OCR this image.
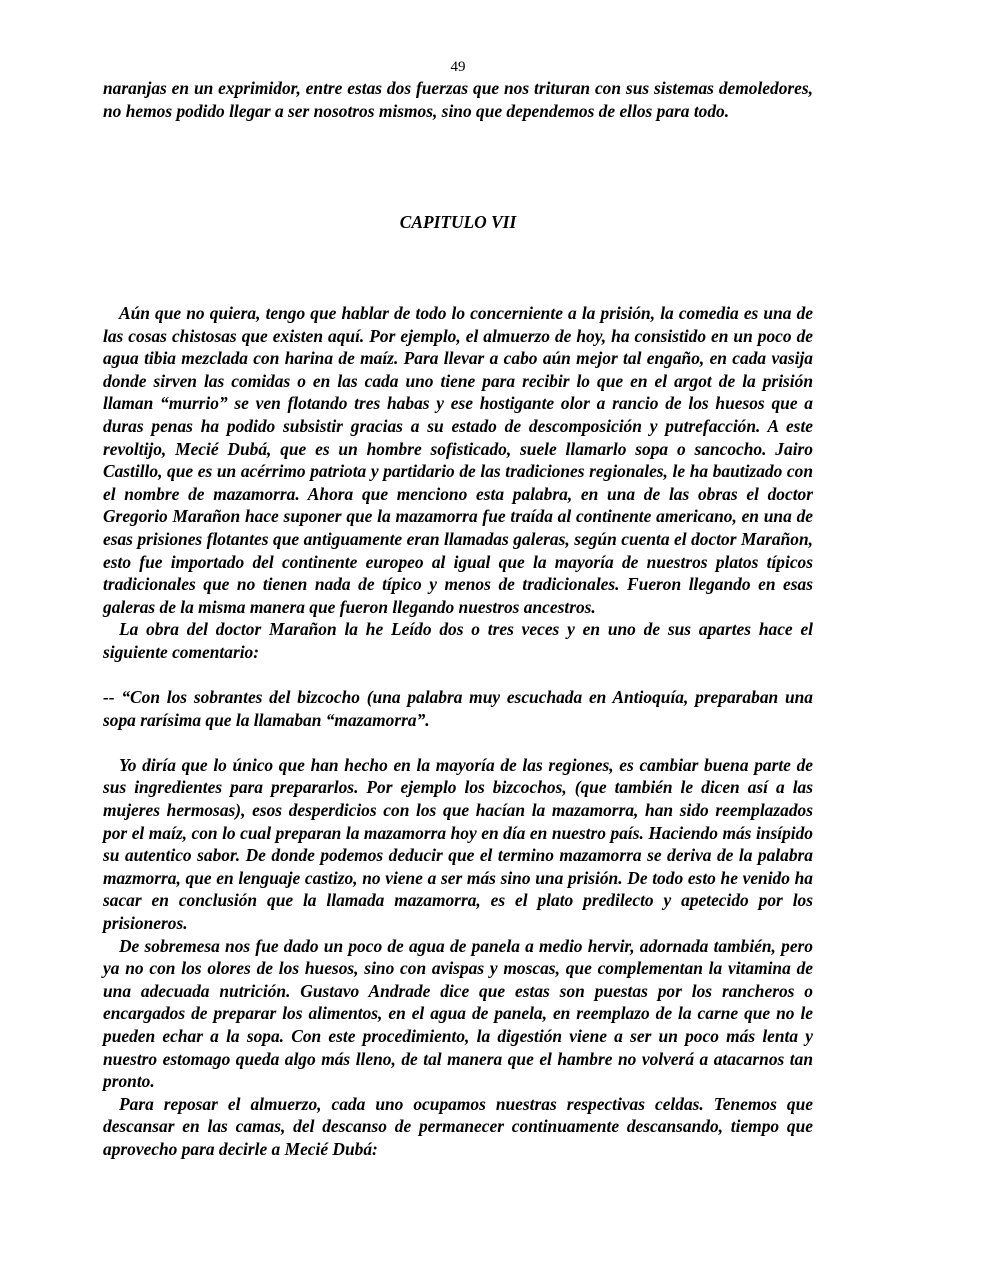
49

naranjas en un exprimidor, entre estas dos fuerzas que nos trituran con sus sistemas demoledores, no hemos podido llegar a ser nosotros mismos, sino que dependemos de ellos para todo.

CAPITULO VII

Aún que no quiera, tengo que hablar de todo lo concerniente a la prisión, la comedia es una de las cosas chistosas que existen aquí. Por ejemplo, el almuerzo de hoy, ha consistido en un poco de agua tibia mezclada con harina de maíz. Para llevar a cabo aún mejor tal engaño, en cada vasija donde sirven las comidas o en las cada uno tiene para recibir lo que en el argot de la prisión llaman “murrio” se ven flotando tres habas y ese hostigante olor a rancio de los huesos que a duras penas ha podido subsistir gracias a su estado de descomposición y putrefacción. A este revoltijo, Mecié Dubá, que es un hombre sofisticado, suele llamarlo sopa o sancocho. Jairo Castillo, que es un acérrimo patriota y partidario de las tradiciones regionales, le ha bautizado con el nombre de mazamorra. Ahora que menciono esta palabra, en una de las obras el doctor Gregorio Marañon hace suponer que la mazamorra fue traída al continente americano, en una de esas prisiones flotantes que antiguamente eran llamadas galeras, según cuenta el doctor Marañon, esto fue importado del continente europeo al igual que la mayoría de nuestros platos típicos tradicionales que no tienen nada de típico y menos de tradicionales. Fueron llegando en esas galeras de la misma manera que fueron llegando nuestros ancestros.

La obra del doctor Marañon la he Leído dos o tres veces y en uno de sus apartes hace el siguiente comentario:

-- “Con los sobrantes del bizcocho (una palabra muy escuchada en Antioquía, preparaban una sopa rarísima que la llamaban “mazamorra”.

Yo diría que lo único que han hecho en la mayoría de las regiones, es cambiar buena parte de sus ingredientes para prepararlos. Por ejemplo los bizcochos, (que también le dicen así a las mujeres hermosas), esos desperdicios con los que hacían la mazamorra, han sido reemplazados por el maíz, con lo cual preparan la mazamorra hoy en día en nuestro país. Haciendo más insípido su autentico sabor. De donde podemos deducir que el termino mazamorra se deriva de la palabra mazmorra, que en lenguaje castizo, no viene a ser más sino una prisión. De todo esto he venido ha sacar en conclusión que la llamada mazamorra, es el plato predilecto y apetecido por los prisioneros.

De sobremesa nos fue dado un poco de agua de panela a medio hervir, adornada también, pero ya no con los olores de los huesos, sino con avispas y moscas, que complementan la vitamina de una adecuada nutrición. Gustavo Andrade dice que estas son puestas por los rancheros o encargados de preparar los alimentos, en el agua de panela, en reemplazo de la carne que no le pueden echar a la sopa. Con este procedimiento, la digestión viene a ser un poco más lenta y nuestro estomago queda algo más lleno, de tal manera que el hambre no volverá a atacarnos tan pronto.

Para reposar el almuerzo, cada uno ocupamos nuestras respectivas celdas. Tenemos que descansar en las camas, del descanso de permanecer continuamente descansando, tiempo que aprovecho para decirle a Mecié Dubá:
